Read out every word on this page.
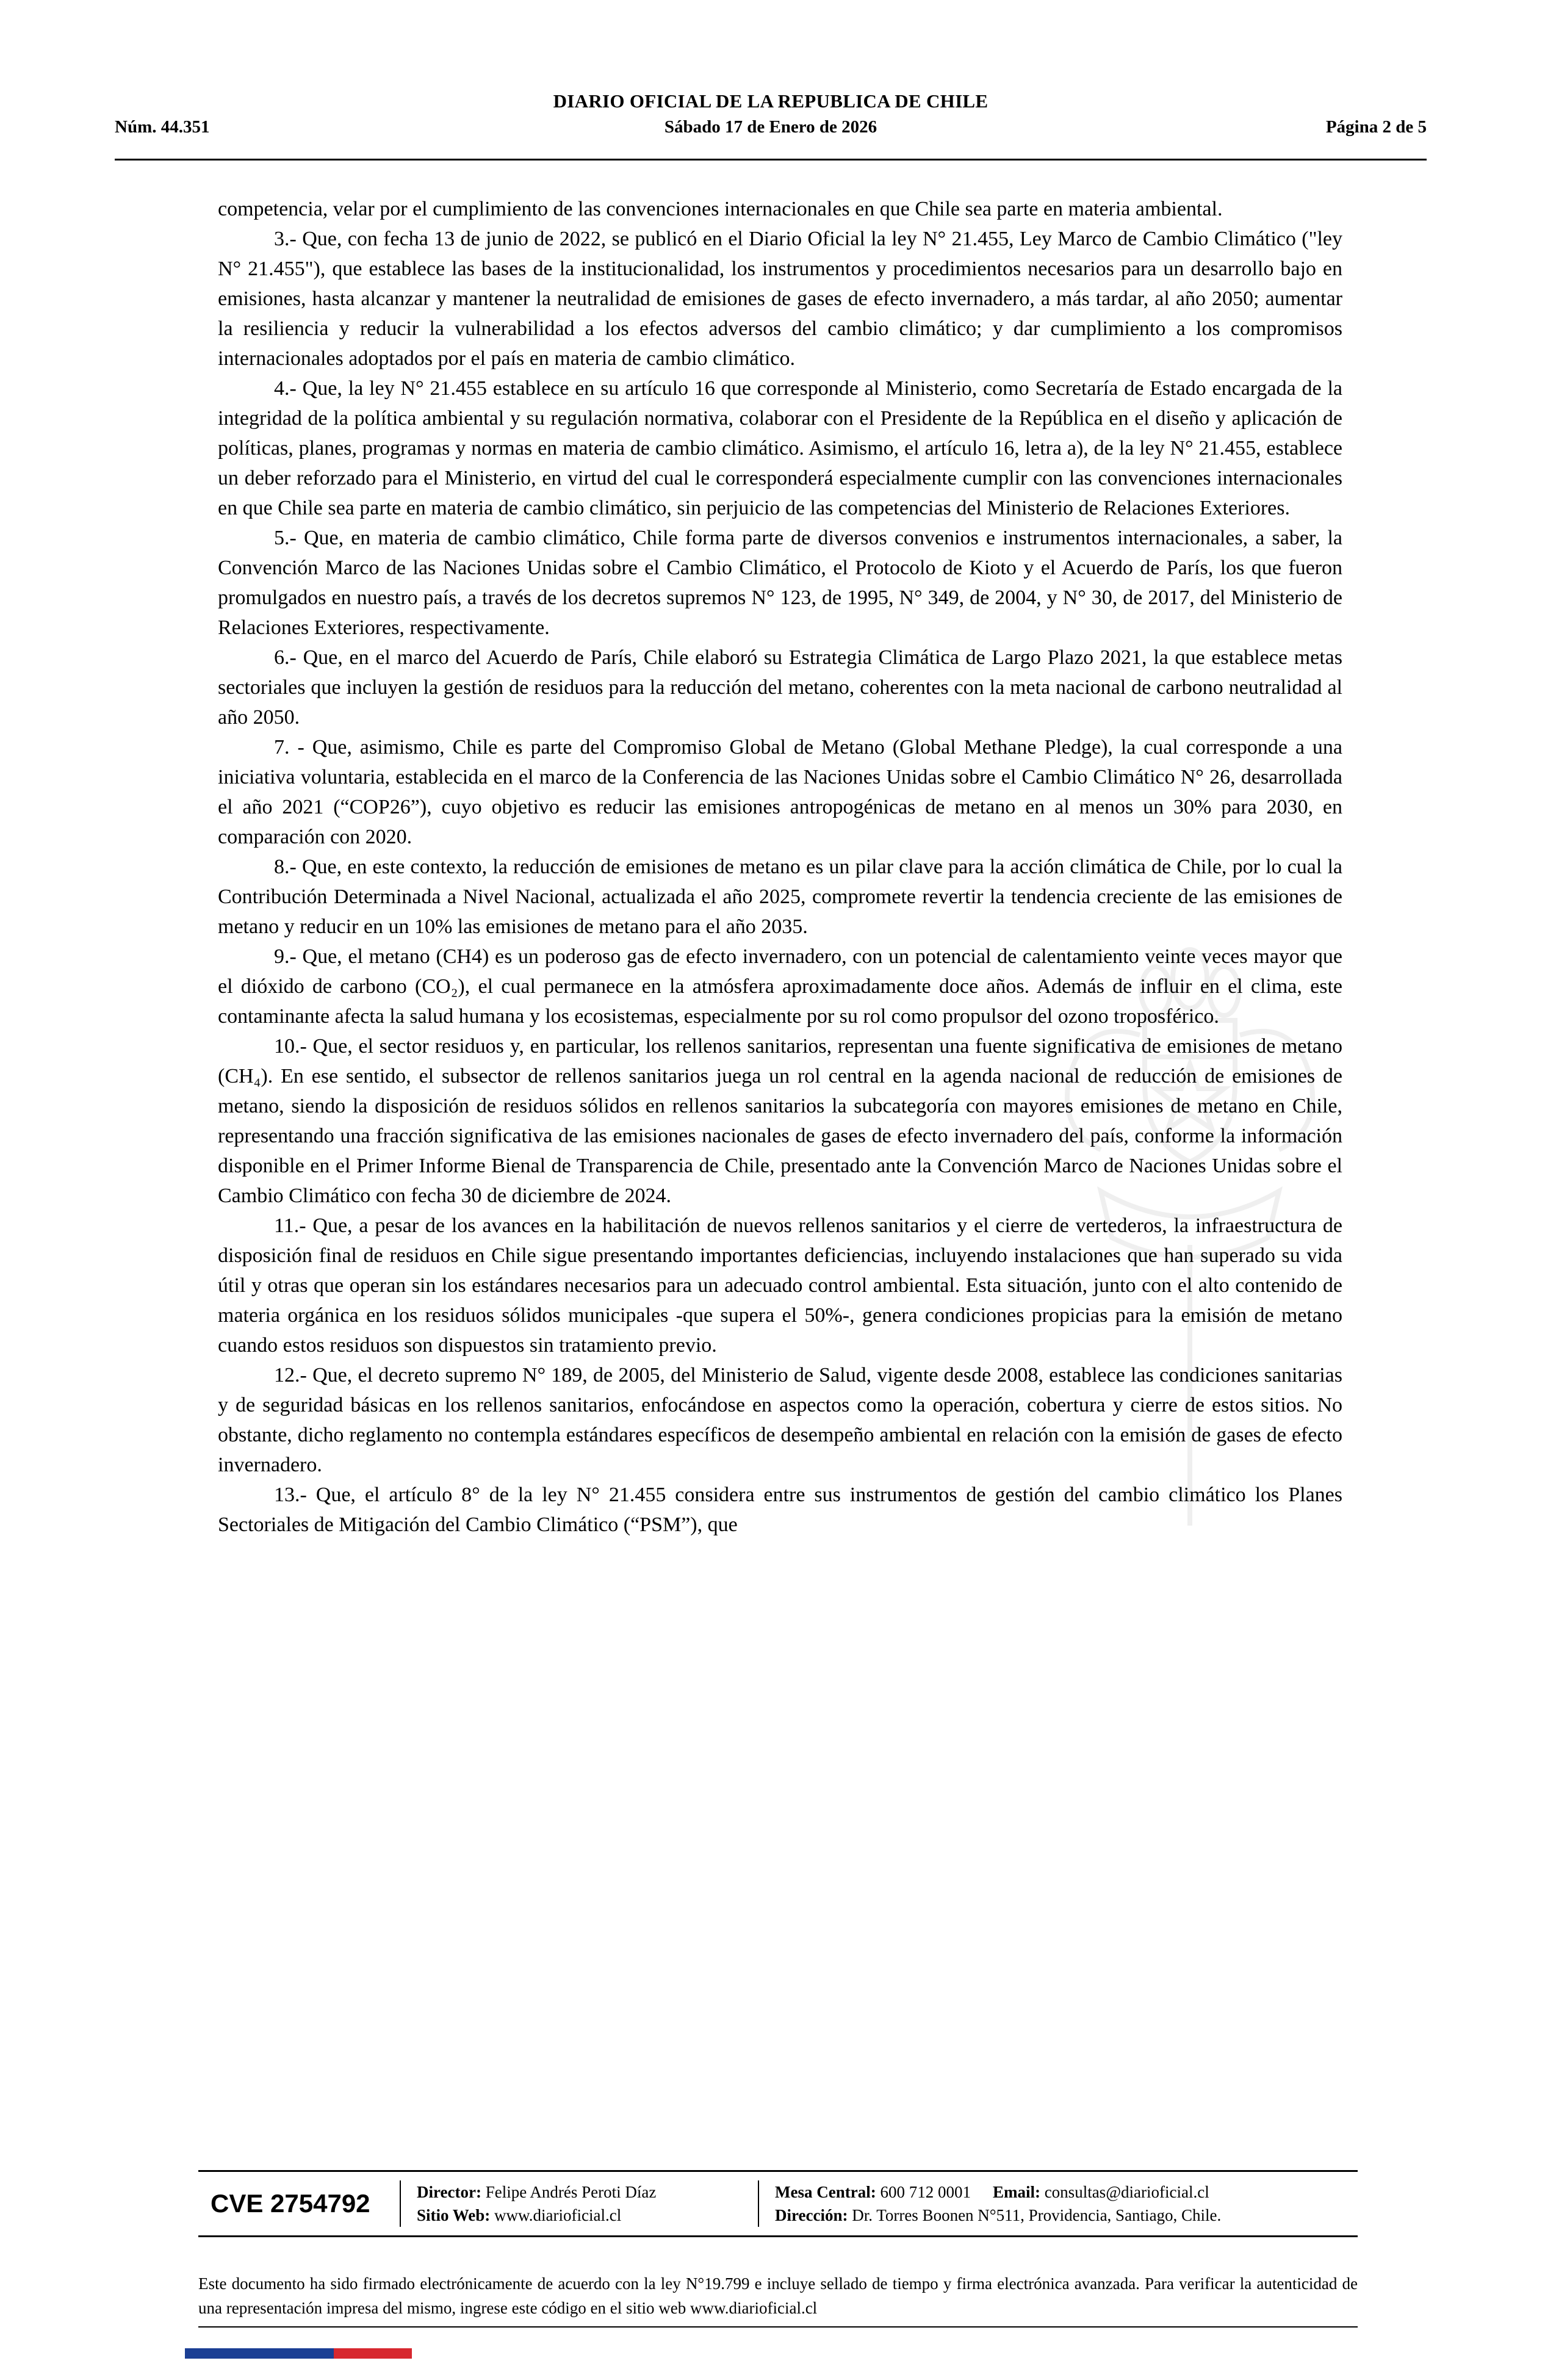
Núm. 44.351
DIARIO OFICIAL DE LA REPUBLICA DE CHILE
Sábado 17 de Enero de 2026	Página 2 de 5

competencia, velar por el cumplimiento de las convenciones internacionales en que Chile sea parte en materia ambiental.

3.- Que, con fecha 13 de junio de 2022, se publicó en el Diario Oficial la ley N° 21.455, Ley Marco de Cambio Climático ("ley N° 21.455"), que establece las bases de la institucionalidad, los instrumentos y procedimientos necesarios para un desarrollo bajo en emisiones, hasta alcanzar y mantener la neutralidad de emisiones de gases de efecto invernadero, a más tardar, al año 2050; aumentar la resiliencia y reducir la vulnerabilidad a los efectos adversos del cambio climático; y dar cumplimiento a los compromisos internacionales adoptados por el país en materia de cambio climático.

4.- Que, la ley N° 21.455 establece en su artículo 16 que corresponde al Ministerio, como Secretaría de Estado encargada de la integridad de la política ambiental y su regulación normativa, colaborar con el Presidente de la República en el diseño y aplicación de políticas, planes, programas y normas en materia de cambio climático. Asimismo, el artículo 16, letra a), de la ley N° 21.455, establece un deber reforzado para el Ministerio, en virtud del cual le corresponderá especialmente cumplir con las convenciones internacionales en que Chile sea parte en materia de cambio climático, sin perjuicio de las competencias del Ministerio de Relaciones Exteriores.

5.- Que, en materia de cambio climático, Chile forma parte de diversos convenios e instrumentos internacionales, a saber, la Convención Marco de las Naciones Unidas sobre el Cambio Climático, el Protocolo de Kioto y el Acuerdo de París, los que fueron promulgados en nuestro país, a través de los decretos supremos N° 123, de 1995, N° 349, de 2004, y N° 30, de 2017, del Ministerio de Relaciones Exteriores, respectivamente.

6.- Que, en el marco del Acuerdo de París, Chile elaboró su Estrategia Climática de Largo Plazo 2021, la que establece metas sectoriales que incluyen la gestión de residuos para la reducción del metano, coherentes con la meta nacional de carbono neutralidad al año 2050.

7. - Que, asimismo, Chile es parte del Compromiso Global de Metano (Global Methane Pledge), la cual corresponde a una iniciativa voluntaria, establecida en el marco de la Conferencia de las Naciones Unidas sobre el Cambio Climático N° 26, desarrollada el año 2021 (“COP26”), cuyo objetivo es reducir las emisiones antropogénicas de metano en al menos un 30% para 2030, en comparación con 2020.

8.- Que, en este contexto, la reducción de emisiones de metano es un pilar clave para la acción climática de Chile, por lo cual la Contribución Determinada a Nivel Nacional, actualizada el año 2025, compromete revertir la tendencia creciente de las emisiones de metano y reducir en un 10% las emisiones de metano para el año 2035.

9.- Que, el metano (CH4) es un poderoso gas de efecto invernadero, con un potencial de calentamiento veinte veces mayor que el dióxido de carbono (CO₂), el cual permanece en la atmósfera aproximadamente doce años. Además de influir en el clima, este contaminante afecta la salud humana y los ecosistemas, especialmente por su rol como propulsor del ozono troposférico.

10.- Que, el sector residuos y, en particular, los rellenos sanitarios, representan una fuente significativa de emisiones de metano (CH₄). En ese sentido, el subsector de rellenos sanitarios juega un rol central en la agenda nacional de reducción de emisiones de metano, siendo la disposición de residuos sólidos en rellenos sanitarios la subcategoría con mayores emisiones de metano en Chile, representando una fracción significativa de las emisiones nacionales de gases de efecto invernadero del país, conforme la información disponible en el Primer Informe Bienal de Transparencia de Chile, presentado ante la Convención Marco de Naciones Unidas sobre el Cambio Climático con fecha 30 de diciembre de 2024.

11.- Que, a pesar de los avances en la habilitación de nuevos rellenos sanitarios y el cierre de vertederos, la infraestructura de disposición final de residuos en Chile sigue presentando importantes deficiencias, incluyendo instalaciones que han superado su vida útil y otras que operan sin los estándares necesarios para un adecuado control ambiental. Esta situación, junto con el alto contenido de materia orgánica en los residuos sólidos municipales -que supera el 50%-, genera condiciones propicias para la emisión de metano cuando estos residuos son dispuestos sin tratamiento previo.

12.- Que, el decreto supremo N° 189, de 2005, del Ministerio de Salud, vigente desde 2008, establece las condiciones sanitarias y de seguridad básicas en los rellenos sanitarios, enfocándose en aspectos como la operación, cobertura y cierre de estos sitios. No obstante, dicho reglamento no contempla estándares específicos de desempeño ambiental en relación con la emisión de gases de efecto invernadero.

13.- Que, el artículo 8° de la ley N° 21.455 considera entre sus instrumentos de gestión del cambio climático los Planes Sectoriales de Mitigación del Cambio Climático (“PSM”), que

CVE 2754792	Director: Felipe Andrés Peroti Díaz
Sitio Web: www.diarioficial.cl
Mesa Central: 600 712 0001 Email: consultas@diarioficial.cl
Dirección: Dr. Torres Boonen N°511, Providencia, Santiago, Chile.
Este documento ha sido firmado electrónicamente de acuerdo con la ley N°19.799 e incluye sellado de tiempo y firma electrónica avanzada. Para verificar la autenticidad de una representación impresa del mismo, ingrese este código en el sitio web www.diarioficial.cl
